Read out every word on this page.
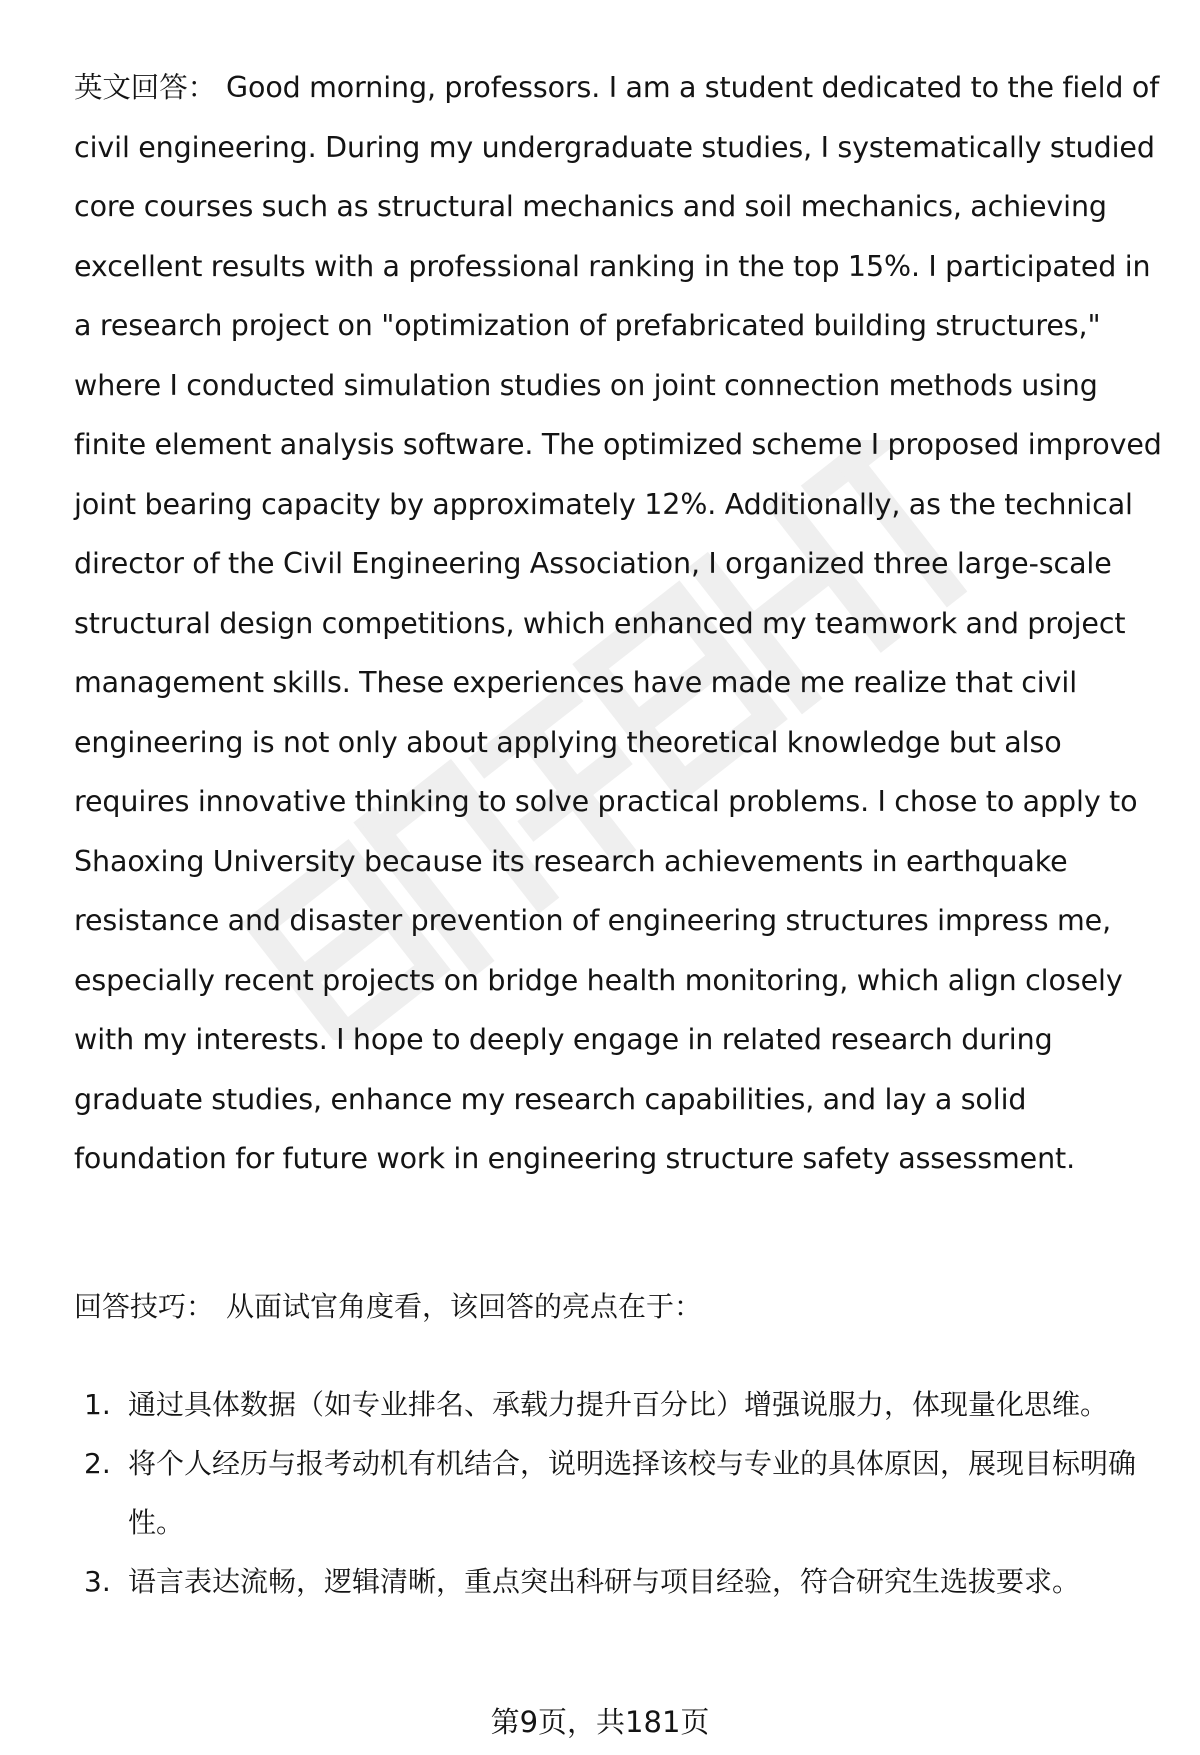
英文回答： Good morning, professors. I am a student dedicated to the field of civil engineering. During my undergraduate studies, I systematically studied core courses such as structural mechanics and soil mechanics, achieving excellent results with a professional ranking in the top 15%. I participated in a research project on "optimization of prefabricated building structures," where I conducted simulation studies on joint connection methods using finite element analysis software. The optimized scheme I proposed improved joint bearing capacity by approximately 12%. Additionally, as the technical director of the Civil Engineering Association, I organized three large-scale structural design competitions, which enhanced my teamwork and project management skills. These experiences have made me realize that civil engineering is not only about applying theoretical knowledge but also requires innovative thinking to solve practical problems. I chose to apply to Shaoxing University because its research achievements in earthquake resistance and disaster prevention of engineering structures impress me, especially recent projects on bridge health monitoring, which align closely with my interests. I hope to deeply engage in related research during graduate studies, enhance my research capabilities, and lay a solid foundation for future work in engineering structure safety assessment.

回答技巧： 从面试官角度看，该回答的亮点在于：

1. 通过具体数据（如专业排名、承载力提升百分比）增强说服力，体现量化思维。
2. 将个人经历与报考动机有机结合，说明选择该校与专业的具体原因，展现目标明确性。
3. 语言表达流畅，逻辑清晰，重点突出科研与项目经验，符合研究生选拔要求。

第9页，共181页
